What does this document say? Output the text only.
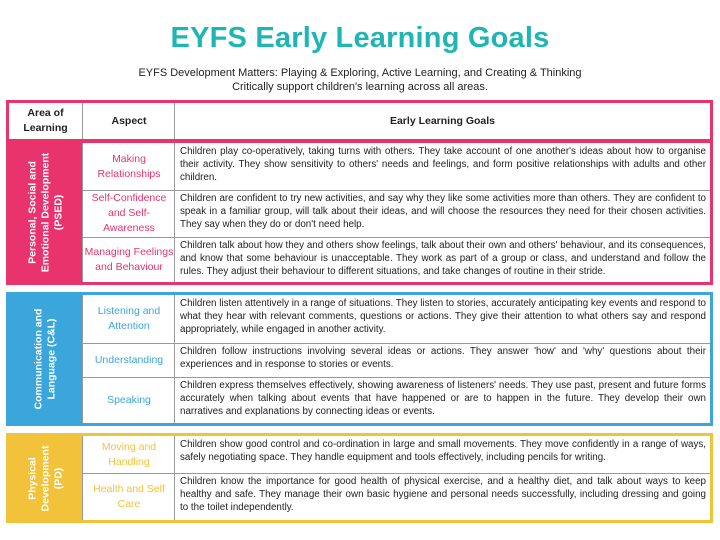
EYFS Early Learning Goals
EYFS Development Matters: Playing & Exploring, Active Learning, and Creating & Thinking
Critically support children's learning across all areas.
Area of Learning
Aspect	Early Learning Goals
Personal, Social and Emotional Development (PSED)
Making Relationships
Children play co-operatively, taking turns with others. They take account of one another's ideas about how to organise their activity. They show sensitivity to others' needs and feelings, and form positive relationships with adults and other children.
Self-Confidence and Self-Awareness
Children are confident to try new activities, and say why they like some activities more than others. They are confident to speak in a familiar group, will talk about their ideas, and will choose the resources they need for their chosen activities. They say when they do or don't need help.
Managing Feelings and Behaviour
Children talk about how they and others show feelings, talk about their own and others' behaviour, and its consequences, and know that some behaviour is unacceptable. They work as part of a group or class, and understand and follow the rules. They adjust their behaviour to different situations, and take changes of routine in their stride.
Communication and Language (C&L)
Listening and Attention
Children listen attentively in a range of situations. They listen to stories, accurately anticipating key events and respond to what they hear with relevant comments, questions or actions. They give their attention to what others say and respond appropriately, while engaged in another activity.
Understanding
Children follow instructions involving several ideas or actions. They answer 'how' and 'why' questions about their experiences and in response to stories or events.
Speaking
Children express themselves effectively, showing awareness of listeners' needs. They use past, present and future forms accurately when talking about events that have happened or are to happen in the future. They develop their own narratives and explanations by connecting ideas or events.
Physical Development (PD)
Moving and Handling
Children show good control and co-ordination in large and small movements. They move confidently in a range of ways, safely negotiating space. They handle equipment and tools effectively, including pencils for writing.
Health and Self Care
Children know the importance for good health of physical exercise, and a healthy diet, and talk about ways to keep healthy and safe. They manage their own basic hygiene and personal needs successfully, including dressing and going to the toilet independently.
